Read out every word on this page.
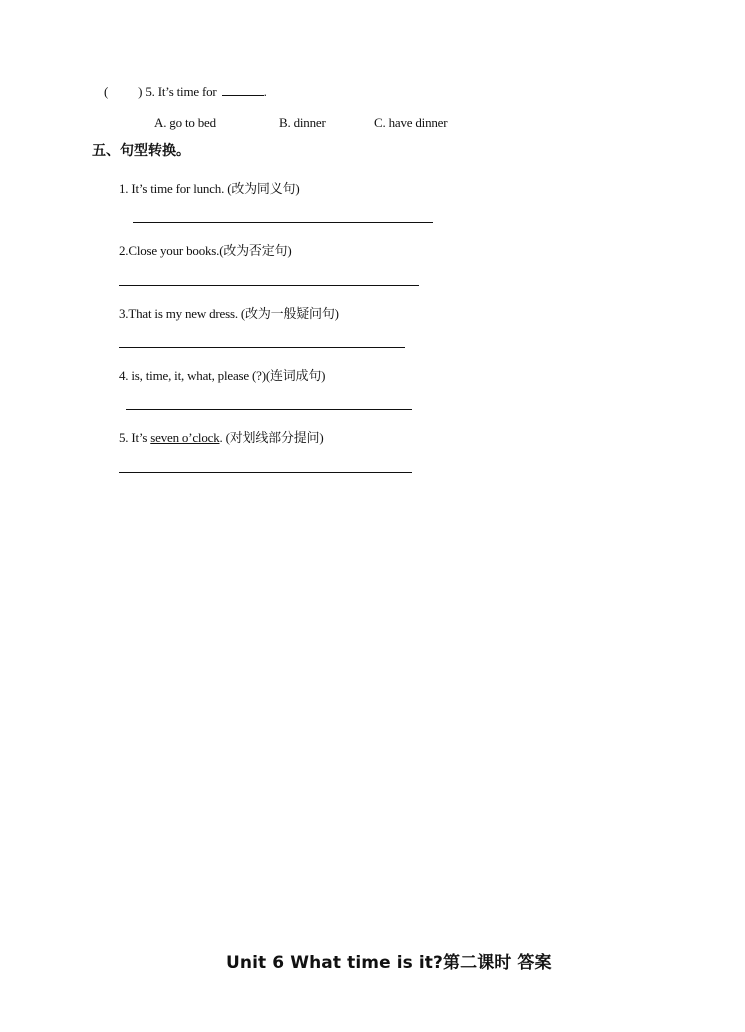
( ) 5. It’s time for	.
A. go to bed	B. dinner	C. have dinner
五、句型转换。
1. It’s time for lunch. (改为同义句)
2.Close your books.(改为否定句)
3.That is my new dress. (改为一般疑问句)
4. is, time, it, what, please (?)(连词成句)
5. It’s seven o’clock. (对划线部分提问)
Unit 6 What time is it?第二课时 答案
